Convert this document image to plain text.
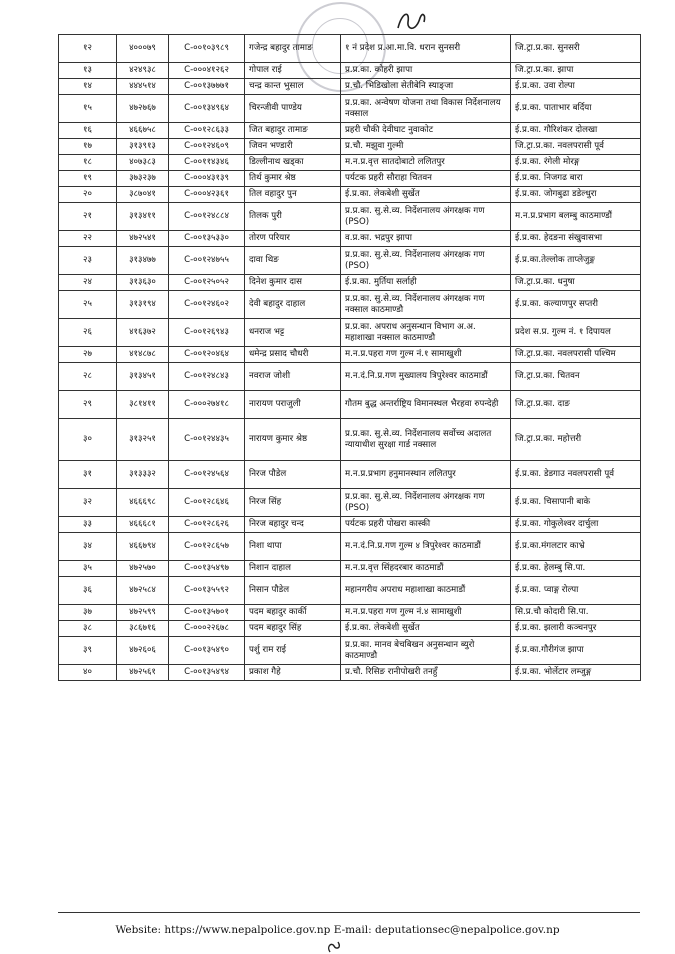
१२	४०००७९	C-००१०३९८९	गजेन्द्र बहादुर तामाङ	१ नं प्रदेश प्र.आ.मा.वि. धरान सुनसरी	जि.ट्रा.प्र.का. सुनसरी
१३	४२४९३८	C-०००४१२६२	गोपाल राई	प्र.प्र.का. कोहरी झापा	जि.ट्रा.प्र.का. झापा
१४	४४४५१४	C-००१३७७७१	चन्द्र कान्त भुसाल	प्र.चौ. भिडिखोला सेतीबेनि स्याङ्जा	ई.प्र.का. उवा रोल्पा
१५	४७२७६७	C-००१३४९६४	चिरन्जीवी पाण्डेय	प्र.प्र.का. अन्वेषण योजना तथा विकास निर्देशनालय नक्साल	ई.प्र.का. पाताभार बर्दिया
१६	४६६७५८	C-००१२८६३३	जित बहादुर तामाङ	प्रहरी चौकी देवीघाट नुवाकोट	ई.प्र.का. गौरिशंकर दोलखा
१७	३१३९१३	C-००१२४६०९	जिवन भण्डारी	प्र.चौ. मझुवा गुल्मी	जि.ट्रा.प्र.का. नवलपरासी पूर्व
१८	४०७३८३	C-००११४३४६	डिल्लीनाथ खड्का	म.न.प्र.वृत्त सातदोबाटो ललितपुर	ई.प्र.का. रंगेली मोरङ्ग
१९	३७३२३७	C-०००४३१३९	तिर्थ कुमार श्रेष्ठ	पर्यटक प्रहरी सौराहा चितवन	ई.प्र.का. निजगढ बारा
२०	३८७०४१	C-०००४२३६१	तिल वहादुर पुन	ई.प्र.का. लेकबेशी सुर्खेत	ई.प्र.का. जोगबुढा डडेल्धुरा
२१	३१३४११	C-००१२४८८४	तिलक पुरी	प्र.प्र.का. सु.से.व्य. निर्देशनालय अंगरक्षक गण (PSO)	म.न.प्र.प्रभाग बलम्बु काठमाण्डौं
२२	४७२५४१	C-००१३५३३०	तोरण परियार	व.प्र.का. भद्रपुर झापा	ई.प्र.का. हेदङना संखुवासभा
२३	३१३४७७	C-००१२४७५५	दावा थिङ	प्र.प्र.का. सु.से.व्य. निर्देशनालय अंगरक्षक गण (PSO)	ई.प्र.का.तेल्लोक ताप्लेजुङ्ग
२४	३१३६३०	C-००१२५०५२	दिनेश कुमार दास	ई.प्र.का. मुर्तिया सर्लाही	जि.ट्रा.प्र.का. धनुषा
२५	३१३१९४	C-००१२४६०२	देवी बहादुर दाहाल	प्र.प्र.का. सु.से.व्य. निर्देशनालय अंगरक्षक गण नक्साल काठमाण्डौ	ई.प्र.का. कल्याणपुर सप्तरी
२६	४१६३७२	C-००१२६९४३	धनराज भट्ट	प्र.प्र.का. अपराध अनुसन्धान विभाग अ.अ. महाशाखा नक्साल काठमाण्डौ	प्रदेश स.प्र. गुल्म नं. १ दिपायल
२७	४१४८७८	C-००१२०४६४	धमेन्द्र प्रसाद चौधरी	म.न.प्र.पहरा गण गुल्म नं.१ सामाखुशी	जि.ट्रा.प्र.का. नवलपरासी पश्चिम
२८	३१३४५१	C-००१२४८४३	नवराज जोशी	म.न.दं.नि.प्र.गण मुख्यालय त्रिपुरेश्वर काठमाडौं	जि.ट्रा.प्र.का. चितवन
२९	३८१४११	C-०००२७४१८	नारायण पराजुली	गौतम बुद्ध अन्तर्राष्ट्रिय विमानस्थल भैरहवा रुपन्देही	जि.ट्रा.प्र.का. दाङ
३०	३१३२५१	C-००१२४४३५	नारायण कुमार श्रेष्ठ	प्र.प्र.का. सु.से.व्य. निर्देशनालय सर्वोच्च अदालत न्यायाधीश सुरक्षा गार्ड नक्साल	जि.ट्रा.प्र.का. महोत्तरी
३१	३१३३३२	C-००१२४५६४	निरज पौडेल	म.न.प्र.प्रभाग हनुमानस्थान ललितपुर	ई.प्र.का. डेडगाउ नवलपरासी पूर्व
३२	४६६६९८	C-००१२८६४६	निरज सिंह	प्र.प्र.का. सु.से.व्य. निर्देशनालय अंगरक्षक गण (PSO)	ई.प्र.का. चिसापानी बाके
३३	४६६६८१	C-००१२८६२६	निरज बहादुर चन्द	पर्यटक प्रहरी पोखरा कास्की	ई.प्र.का. गोकुलेश्वर दार्चुला
३४	४६६७९४	C-००१२८६५७	निशा थापा	म.न.दं.नि.प्र.गण गुल्म ४ त्रिपुरेश्वर काठमाडौं	ई.प्र.का.मंगलटार काभ्रे
३५	४७२५७०	C-००१३५४९७	निशान दाहाल	म.न.प्र.वृत्त सिंहदरबार काठमाडौं	ई.प्र.का. हेलम्बु सि.पा.
३६	४७२५८४	C-००१३५५९२	निसान पौडेल	महानगरीय अपराध महाशाखा काठमाडौं	ई.प्र.का. प्वाङ्ग रोल्पा
३७	४७२५९९	C-००१३५७०१	पदम बहादुर कार्की	म.न.प्र.पहरा गण गुल्म नं.४ सामाखुशी	सि.प्र.चौ कोदारी सि.पा.
३८	३८६७१६	C-०००२२६७८	पदम बहादुर सिंह	ई.प्र.का. लेकबेशी सुर्खेत	ई.प्र.का. झलारी कञ्चनपुर
३९	४७२६०६	C-००१३५४९०	पर्शु राम राई	प्र.प्र.का. मानव बेचबिखन अनुसन्धान ब्युरो काठमाण्डौ	ई.प्र.का.गौरीगंज झापा
४०	४७२५६१	C-००१३५४९४	प्रकाश गैहे	प्र.चौ. रिसिङ रानीपोखरी तनहुँ	ई.प्र.का. भोर्लेटार लम्जुङ्ग
Website: https://www.nepalpolice.gov.np E-mail: deputationsec@nepalpolice.gov.np
